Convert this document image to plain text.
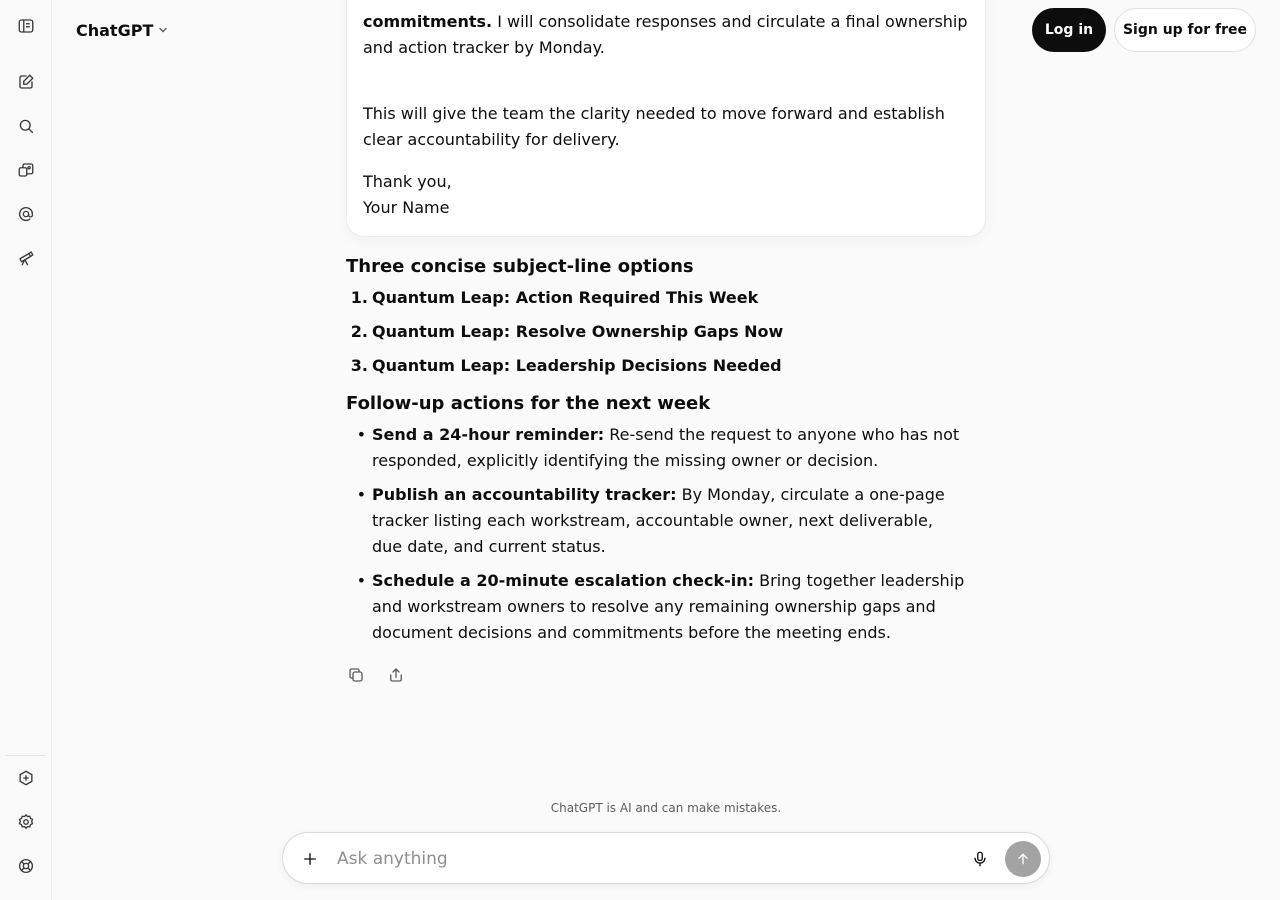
ChatGPT	Log in	Sign up for free

commitments. I will consolidate responses and circulate a final ownership and action tracker by Monday.

This will give the team the clarity needed to move forward and establish clear accountability for delivery.

Thank you,
Your Name

Three concise subject-line options
1. Quantum Leap: Action Required This Week
2. Quantum Leap: Resolve Ownership Gaps Now
3. Quantum Leap: Leadership Decisions Needed
Follow-up actions for the next week
• Send a 24-hour reminder: Re-send the request to anyone who has not responded, explicitly identifying the missing owner or decision.
• Publish an accountability tracker: By Monday, circulate a one-page tracker listing each workstream, accountable owner, next deliverable, due date, and current status.
• Schedule a 20-minute escalation check-in: Bring together leadership and workstream owners to resolve any remaining ownership gaps and document decisions and commitments before the meeting ends.
ChatGPT is AI and can make mistakes.
Ask anything
